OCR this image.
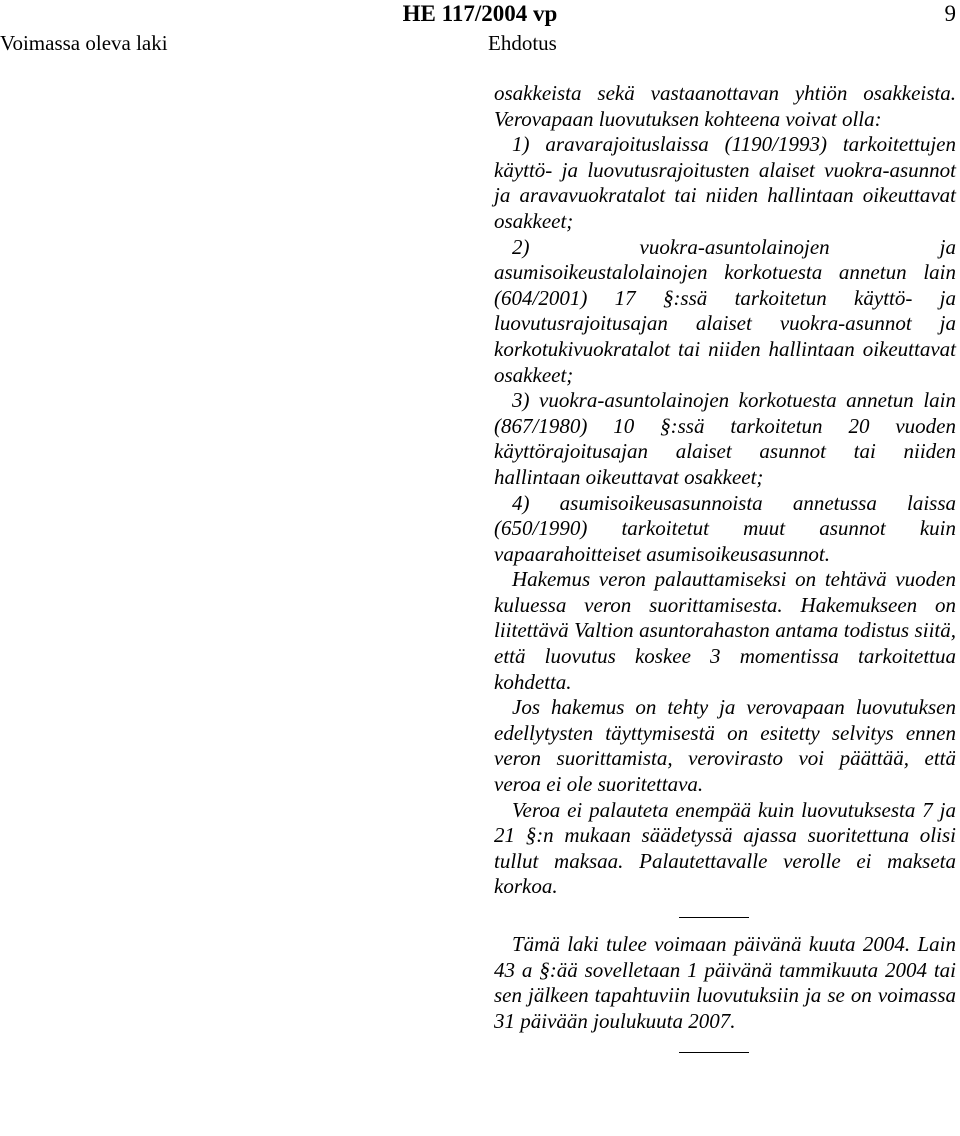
HE 117/2004 vp	9
Voimassa oleva laki	Ehdotus

osakkeista sekä vastaanottavan yhtiön osakkeista. Verovapaan luovutuksen kohteena voivat olla:

1) aravarajoituslaissa (1190/1993) tarkoitettujen käyttö- ja luovutusrajoitusten alaiset vuokra-asunnot ja aravavuokratalot tai niiden hallintaan oikeuttavat osakkeet;

2) vuokra-asuntolainojen ja asumisoikeustalolainojen korkotuesta annetun lain (604/2001) 17 §:ssä tarkoitetun käyttö- ja luovutusrajoitusajan alaiset vuokra-asunnot ja korkotukivuokratalot tai niiden hallintaan oikeuttavat osakkeet;

3) vuokra-asuntolainojen korkotuesta annetun lain (867/1980) 10 §:ssä tarkoitetun 20 vuoden käyttörajoitusajan alaiset asunnot tai niiden hallintaan oikeuttavat osakkeet;

4) asumisoikeusasunnoista annetussa laissa (650/1990) tarkoitetut muut asunnot kuin vapaarahoitteiset asumisoikeusasunnot.

Hakemus veron palauttamiseksi on tehtävä vuoden kuluessa veron suorittamisesta. Hakemukseen on liitettävä Valtion asuntorahaston antama todistus siitä, että luovutus koskee 3 momentissa tarkoitettua kohdetta.

Jos hakemus on tehty ja verovapaan luovutuksen edellytysten täyttymisestä on esitetty selvitys ennen veron suorittamista, verovirasto voi päättää, että veroa ei ole suoritettava.

Veroa ei palauteta enempää kuin luovutuksesta 7 ja 21 §:n mukaan säädetyssä ajassa suoritettuna olisi tullut maksaa. Palautettavalle verolle ei makseta korkoa.

Tämä laki tulee voimaan päivänä kuuta 2004. Lain 43 a §:ää sovelletaan 1 päivänä tammikuuta 2004 tai sen jälkeen tapahtuviin luovutuksiin ja se on voimassa 31 päivään joulukuuta 2007.
